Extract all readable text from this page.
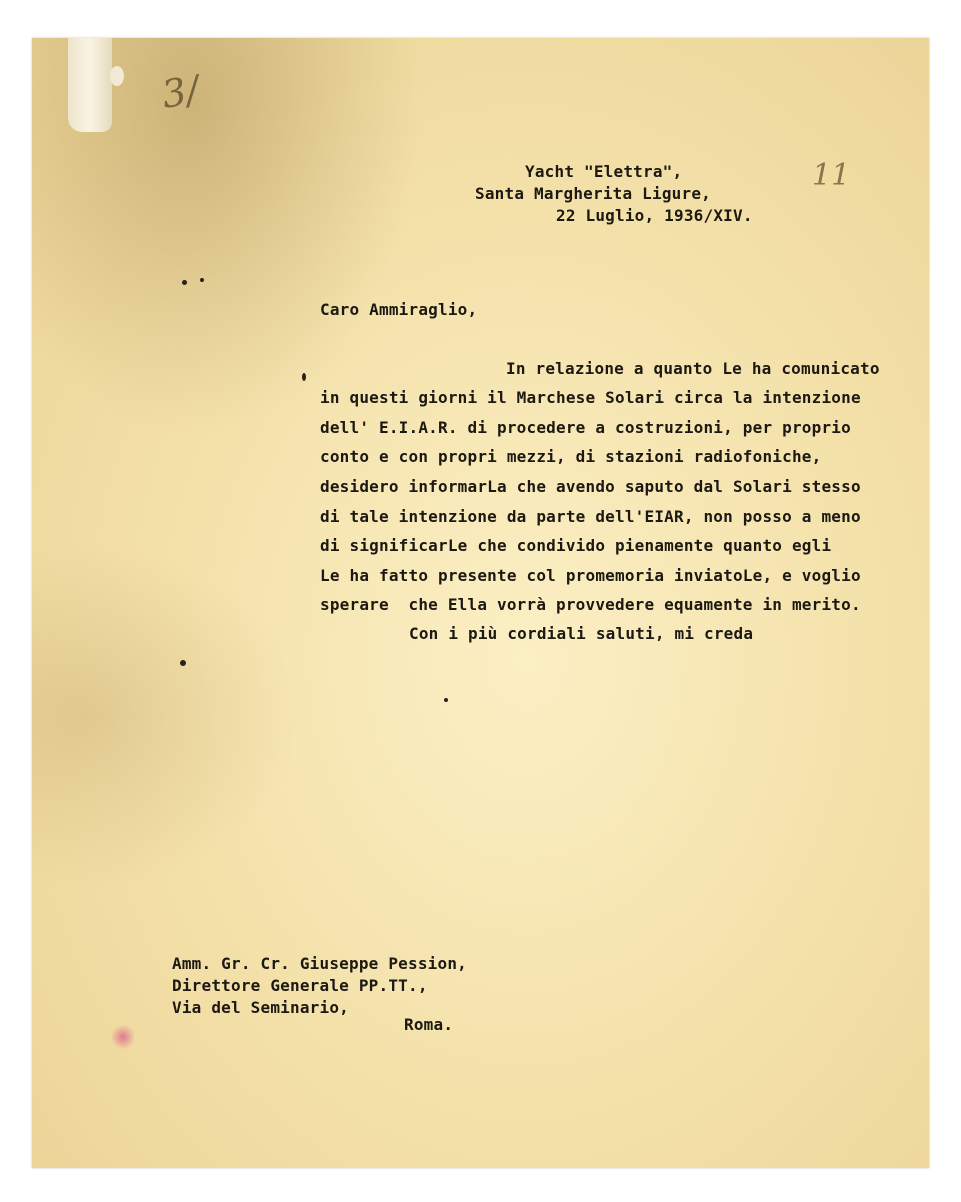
3/
11
Yacht "Elettra",
Santa Margherita Ligure,
22 Luglio, 1936/XIV.
Caro Ammiraglio,
In relazione a quanto Le ha comunicato
in questi giorni il Marchese Solari circa la intenzione
dell' E.I.A.R. di procedere a costruzioni, per proprio
conto e con propri mezzi, di stazioni radiofoniche,
desidero informarLa che avendo saputo dal Solari stesso
di tale intenzione da parte dell'EIAR, non posso a meno
di significarLe che condivido pienamente quanto egli
Le ha fatto presente col promemoria inviatoLe, e voglio
sperare  che Ella vorrà provvedere equamente in merito.
Con i più cordiali saluti, mi creda
Amm. Gr. Cr. Giuseppe Pession,
Direttore Generale PP.TT.,
Via del Seminario,
Roma.
